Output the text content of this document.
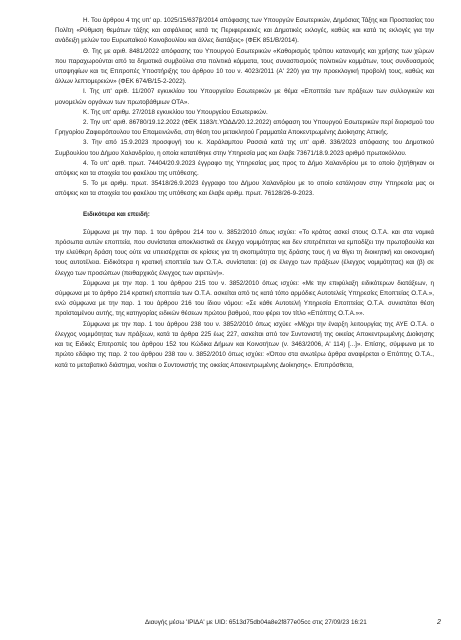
Η. Του άρθρου 4 της υπ' αρ. 1025/15/637β/2014 απόφασης των Υπουργών Εσωτερικών, Δημόσιας Τάξης και Προστασίας του Πολίτη «Ρύθμιση θεμάτων τάξης και ασφάλειας κατά τις Περιφερειακές και Δημοτικές εκλογές, καθώς και κατά τις εκλογές για την ανάδειξη μελών του Ευρωπαϊκού Κοινοβουλίου και άλλες διατάξεις» (ΦΕΚ 851/Β/2014).

Θ. Της με αριθ. 8481/2022 απόφασης του Υπουργού Εσωτερικών «Καθορισμός τρόπου κατανομής και χρήσης των χώρων που παραχωρούνται από τα δημοτικά συμβούλια στα πολιτικά κόμματα, τους συνασπισμούς πολιτικών κομμάτων, τους συνδυασμούς υποψηφίων και τις Επιτροπές Υποστήριξης του άρθρου 10 του ν. 4023/2011 (Α' 220) για την προεκλογική προβολή τους, καθώς και άλλων λεπτομερειών» (ΦΕΚ 674/Β/15-2-2022).

Ι. Της υπ' αριθ. 11/2007 εγκυκλίου του Υπουργείου Εσωτερικών με θέμα «Εποπτεία των πράξεων των συλλογικών και μονομελών οργάνων των πρωτοβάθμιων ΟΤΑ».

Κ. Της υπ' αριθμ. 27/2018 εγκυκλίου του Υπουργείου Εσωτερικών.

2. Την υπ' αριθ. 86780/19.12.2022 (ΦΕΚ 1183/τ.ΥΟΔΔ/20.12.2022) απόφαση του Υπουργού Εσωτερικών περί διορισμού του Γρηγορίου Ζαφειρόπουλου του Επαμεινώνδα, στη θέση του μετακλητού Γραμματέα Αποκεντρωμένης Διοίκησης Αττικής.

3. Την από 15.9.2023 προσφυγή του κ. Χαράλαμπου Ρασσιά κατά της υπ' αριθ. 336/2023 απόφασης του Δημοτικού Συμβουλίου του Δήμου Χαλανδρίου, η οποία κατατέθηκε στην Υπηρεσία μας και έλαβε 73671/18.9.2023 αριθμό πρωτοκόλλου.

4. Το υπ' αριθ. πρωτ. 74404/20.9.2023 έγγραφο της Υπηρεσίας μας προς το Δήμο Χαλανδρίου με το οποίο ζητήθηκαν οι απόψεις και τα στοιχεία του φακέλου της υπόθεσης.

5. Το με αριθμ. πρωτ. 35418/26.9.2023 έγγραφο του Δήμου Χαλανδρίου με το οποίο εστάλησαν στην Υπηρεσία μας οι απόψεις και τα στοιχεία του φακέλου της υπόθεσης και έλαβε αριθμ. πρωτ. 76128/26-9-2023.

Ειδικότερα και επειδή:

Σύμφωνα με την παρ. 1 του άρθρου 214 του ν. 3852/2010 όπως ισχύει: «Το κράτος ασκεί στους Ο.Τ.Α. και στα νομικά πρόσωπα αυτών εποπτεία, που συνίσταται αποκλειστικά σε έλεγχο νομιμότητας και δεν επιτρέπεται να εμποδίζει την πρωτοβουλία και την ελεύθερη δράση τους ούτε να υπεισέρχεται σε κρίσεις για τη σκοπιμότητα της δράσης τους ή να θίγει τη διοικητική και οικονομική τους αυτοτέλεια. Ειδικότερα η κρατική εποπτεία των Ο.Τ.Α. συνίσταται: (α) σε έλεγχο των πράξεων (έλεγχος νομιμότητας) και (β) σε έλεγχο των προσώπων (πειθαρχικός έλεγχος των αιρετών)».

Σύμφωνα με την παρ. 1 του άρθρου 215 του ν. 3852/2010 όπως ισχύει: «Με την επιφύλαξη ειδικότερων διατάξεων, η σύμφωνα με το άρθρο 214 κρατική εποπτεία των Ο.Τ.Α. ασκείται από τις κατά τόπο αρμόδιες Αυτοτελείς Υπηρεσίες Εποπτείας Ο.Τ.Α.», ενώ σύμφωνα με την παρ. 1 του άρθρου 216 του ίδιου νόμου: «Σε κάθε Αυτοτελή Υπηρεσία Εποπτείας Ο.Τ.Α. συνιστάται θέση προϊσταμένου αυτής, της κατηγορίας ειδικών θέσεων πρώτου βαθμού, που φέρει τον τίτλο «Επόπτης Ο.Τ.Α.»».

Σύμφωνα με την παρ. 1 του άρθρου 238 του ν. 3852/2010 όπως ισχύει: «Μέχρι την έναρξη λειτουργίας της ΑΥΕ Ο.Τ.Α. ο έλεγχος νομιμότητας των πράξεων, κατά τα άρθρα 225 έως 227, ασκείται από τον Συντονιστή της οικείας Αποκεντρωμένης Διοίκησης και τις Ειδικές Επιτροπές του άρθρου 152 του Κώδικα Δήμων και Κοινοτήτων (ν. 3463/2006, Α' 114) [...]». Επίσης, σύμφωνα με το πρώτο εδάφιο της παρ. 2 του άρθρου 238 του ν. 3852/2010 όπως ισχύει: «Όπου στα ανωτέρω άρθρα αναφέρεται ο Επόπτης Ο.Τ.Α., κατά το μεταβατικό διάστημα, νοείται ο Συντονιστής της οικείας Αποκεντρωμένης Διοίκησης». Επιπρόσθετα,

Διαυγής μέσω 'ΙΡΙΔΑ' με UID: 6513d75db04a8e2f877e05cc στις 27/09/23 16:21	2
